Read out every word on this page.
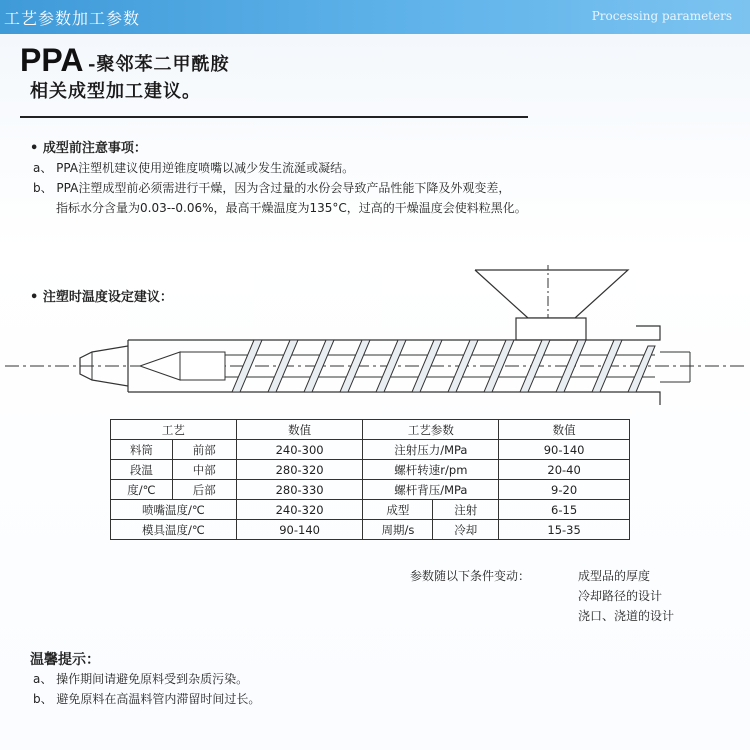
工艺参数加工参数	Processing parameters
PPA -聚邻苯二甲酰胺
相关成型加工建议。
• 成型前注意事项：
a、 PPA注塑机建议使用逆锥度喷嘴以减少发生流涎或凝结。
b、 PPA注塑成型前必须需进行干燥，因为含过量的水份会导致产品性能下降及外观变差，
指标水分含量为0.03--0.06%，最高干燥温度为135°C，过高的干燥温度会使料粒黑化。
• 注塑时温度设定建议：
工艺		数值	工艺参数		数值
料筒	前部	240-300	注射压力/MPa		90-140
段温	中部	280-320	螺杆转速r/pm		20-40
度/℃	后部	280-330	螺杆背压/MPa		9-20
喷嘴温度/℃		240-320	成型	注射	6-15
模具温度/℃		90-140	周期/s	冷却	15-35
参数随以下条件变动：	成型品的厚度
冷却路径的设计
浇口、浇道的设计
温馨提示：
a、 操作期间请避免原料受到杂质污染。
b、 避免原料在高温料管内滞留时间过长。
